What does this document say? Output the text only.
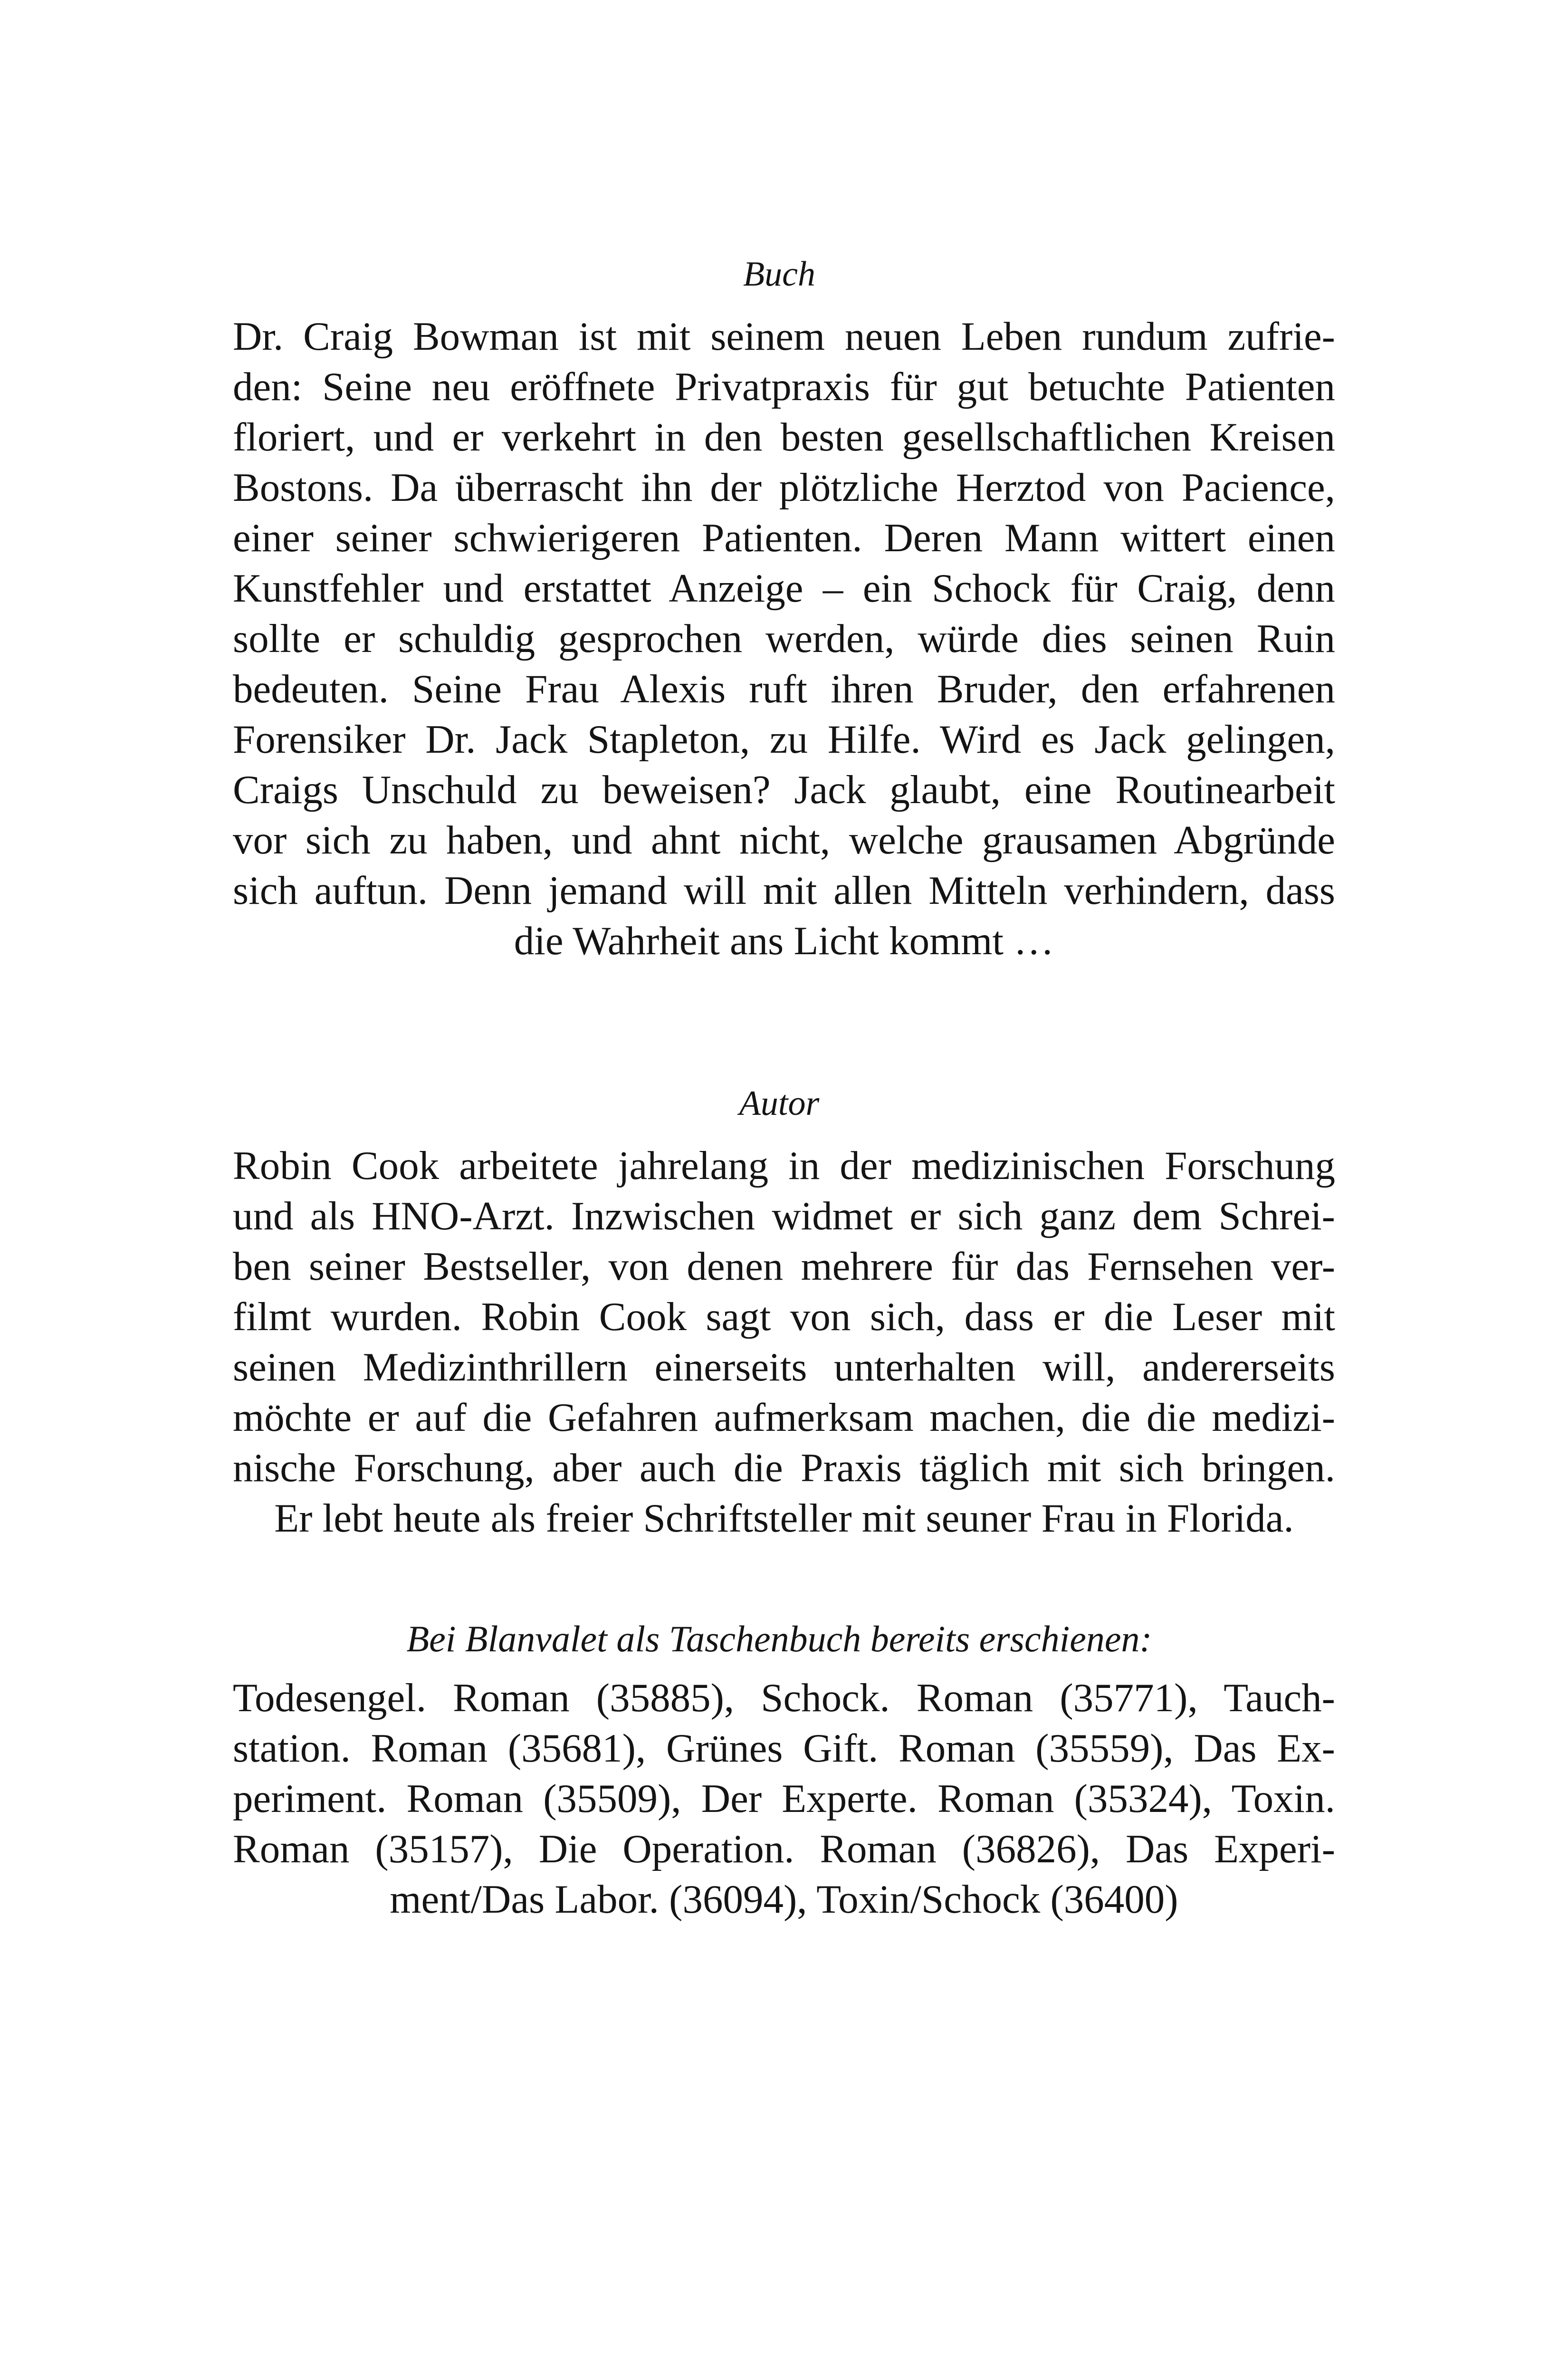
Buch
Dr. Craig Bowman ist mit seinem neuen Leben rundum zufrie-
den: Seine neu eröffnete Privatpraxis für gut betuchte Patienten
floriert, und er verkehrt in den besten gesellschaftlichen Kreisen
Bostons. Da überrascht ihn der plötzliche Herztod von Pacience,
einer seiner schwierigeren Patienten. Deren Mann wittert einen
Kunstfehler und erstattet Anzeige – ein Schock für Craig, denn
sollte er schuldig gesprochen werden, würde dies seinen Ruin
bedeuten. Seine Frau Alexis ruft ihren Bruder, den erfahrenen
Forensiker Dr. Jack Stapleton, zu Hilfe. Wird es Jack gelingen,
Craigs Unschuld zu beweisen? Jack glaubt, eine Routinearbeit
vor sich zu haben, und ahnt nicht, welche grausamen Abgründe
sich auftun. Denn jemand will mit allen Mitteln verhindern, dass
die Wahrheit ans Licht kommt …
Autor
Robin Cook arbeitete jahrelang in der medizinischen Forschung
und als HNO-Arzt. Inzwischen widmet er sich ganz dem Schrei-
ben seiner Bestseller, von denen mehrere für das Fernsehen ver-
filmt wurden. Robin Cook sagt von sich, dass er die Leser mit
seinen Medizinthrillern einerseits unterhalten will, andererseits
möchte er auf die Gefahren aufmerksam machen, die die medizi-
nische Forschung, aber auch die Praxis täglich mit sich bringen.
Er lebt heute als freier Schriftsteller mit seuner Frau in Florida.
Bei Blanvalet als Taschenbuch bereits erschienen:
Todesengel. Roman (35885), Schock. Roman (35771), Tauch-
station. Roman (35681), Grünes Gift. Roman (35559), Das Ex-
periment. Roman (35509), Der Experte. Roman (35324), Toxin.
Roman (35157), Die Operation. Roman (36826), Das Experi-
ment/Das Labor. (36094), Toxin/Schock (36400)
